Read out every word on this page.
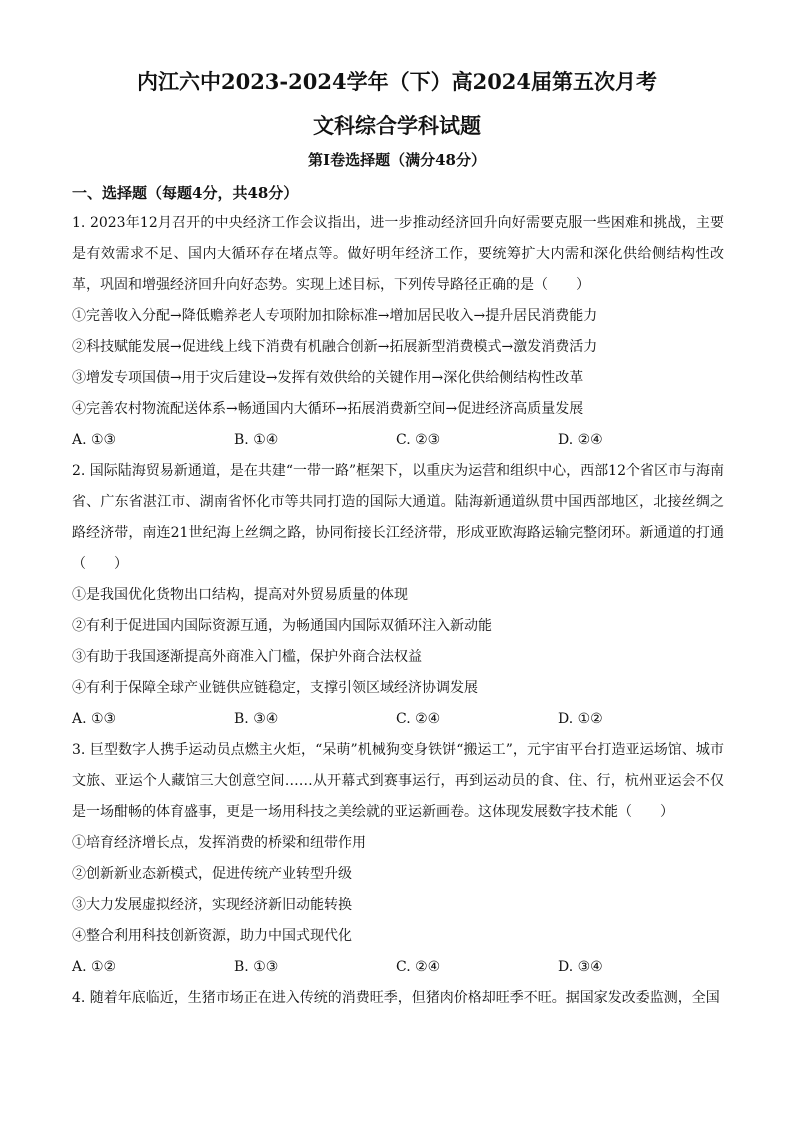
内江六中2023-2024学年（下）高2024届第五次月考
文科综合学科试题
第Ⅰ卷选择题（满分48分）
一、选择题（每题4分，共48分）

1. 2023年12月召开的中央经济工作会议指出，进一步推动经济回升向好需要克服一些困难和挑战，主要是有效需求不足、国内大循环存在堵点等。做好明年经济工作，要统筹扩大内需和深化供给侧结构性改革，巩固和增强经济回升向好态势。实现上述目标，下列传导路径正确的是（　　）

①完善收入分配→降低赡养老人专项附加扣除标准→增加居民收入→提升居民消费能力

②科技赋能发展→促进线上线下消费有机融合创新→拓展新型消费模式→激发消费活力

③增发专项国债→用于灾后建设→发挥有效供给的关键作用→深化供给侧结构性改革

④完善农村物流配送体系→畅通国内大循环→拓展消费新空间→促进经济高质量发展

A. ①③	B. ①④	C. ②③	D. ②④

2. 国际陆海贸易新通道，是在共建“一带一路”框架下，以重庆为运营和组织中心，西部12个省区市与海南省、广东省湛江市、湖南省怀化市等共同打造的国际大通道。陆海新通道纵贯中国西部地区，北接丝绸之路经济带，南连21世纪海上丝绸之路，协同衔接长江经济带，形成亚欧海路运输完整闭环。新通道的打通（　　）

①是我国优化货物出口结构，提高对外贸易质量的体现

②有利于促进国内国际资源互通，为畅通国内国际双循环注入新动能

③有助于我国逐渐提高外商准入门槛，保护外商合法权益

④有利于保障全球产业链供应链稳定，支撑引领区域经济协调发展

A. ①③	B. ③④	C. ②④	D. ①②

3. 巨型数字人携手运动员点燃主火炬，“呆萌”机械狗变身铁饼“搬运工”，元宇宙平台打造亚运场馆、城市文旅、亚运个人藏馆三大创意空间……从开幕式到赛事运行，再到运动员的食、住、行，杭州亚运会不仅是一场酣畅的体育盛事，更是一场用科技之美绘就的亚运新画卷。这体现发展数字技术能（　　）

①培育经济增长点，发挥消费的桥梁和纽带作用

②创新新业态新模式，促进传统产业转型升级

③大力发展虚拟经济，实现经济新旧动能转换

④整合利用科技创新资源，助力中国式现代化

A. ①②	B. ①③	C. ②④	D. ③④

4. 随着年底临近，生猪市场正在进入传统的消费旺季，但猪肉价格却旺季不旺。据国家发改委监测，全国
